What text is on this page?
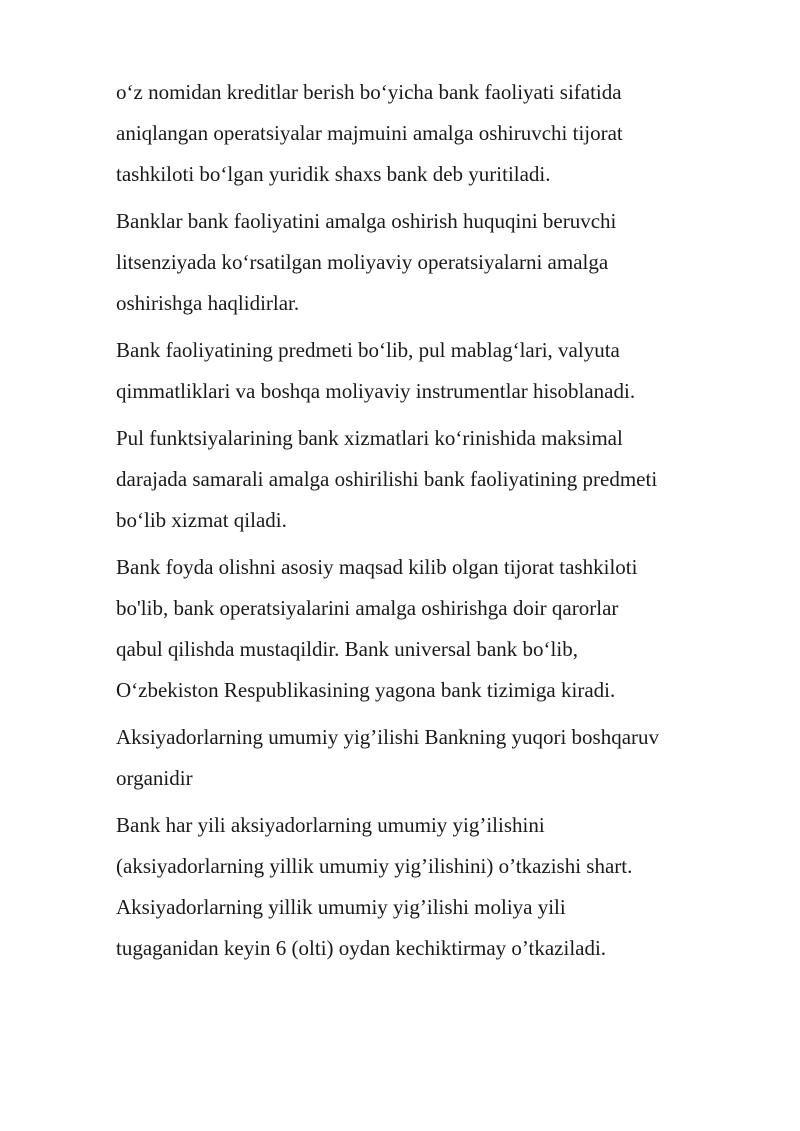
o‘z nomidan kreditlar berish bo‘yicha bank faoliyati sifatida
aniqlangan operatsiyalar majmuini amalga oshiruvchi tijorat
tashkiloti bo‘lgan yuridik shaxs bank deb yuritiladi.

Banklar bank faoliyatini amalga oshirish huquqini beruvchi
litsenziyada ko‘rsatilgan moliyaviy operatsiyalarni amalga
oshirishga haqlidirlar.

Bank faoliyatining predmeti bo‘lib, pul mablag‘lari, valyuta
qimmatliklari va boshqa moliyaviy instrumentlar hisoblanadi.

Pul funktsiyalarining bank xizmatlari ko‘rinishida maksimal
darajada samarali amalga oshirilishi bank faoliyatining predmeti
bo‘lib xizmat qiladi.

Bank foyda olishni asosiy maqsad kilib olgan tijorat tashkiloti
bo'lib, bank operatsiyalarini amalga oshirishga doir qarorlar
qabul qilishda mustaqildir. Bank universal bank bo‘lib,
O‘zbekiston Respublikasining yagona bank tizimiga kiradi.

Aksiyadorlarning umumiy yig’ilishi Bankning yuqori boshqaruv
organidir

Bank har yili aksiyadorlarning umumiy yig’ilishini
(aksiyadorlarning yillik umumiy yig’ilishini) o’tkazishi shart.
Aksiyadorlarning yillik umumiy yig’ilishi moliya yili
tugaganidan keyin 6 (olti) oydan kechiktirmay o’tkaziladi.
